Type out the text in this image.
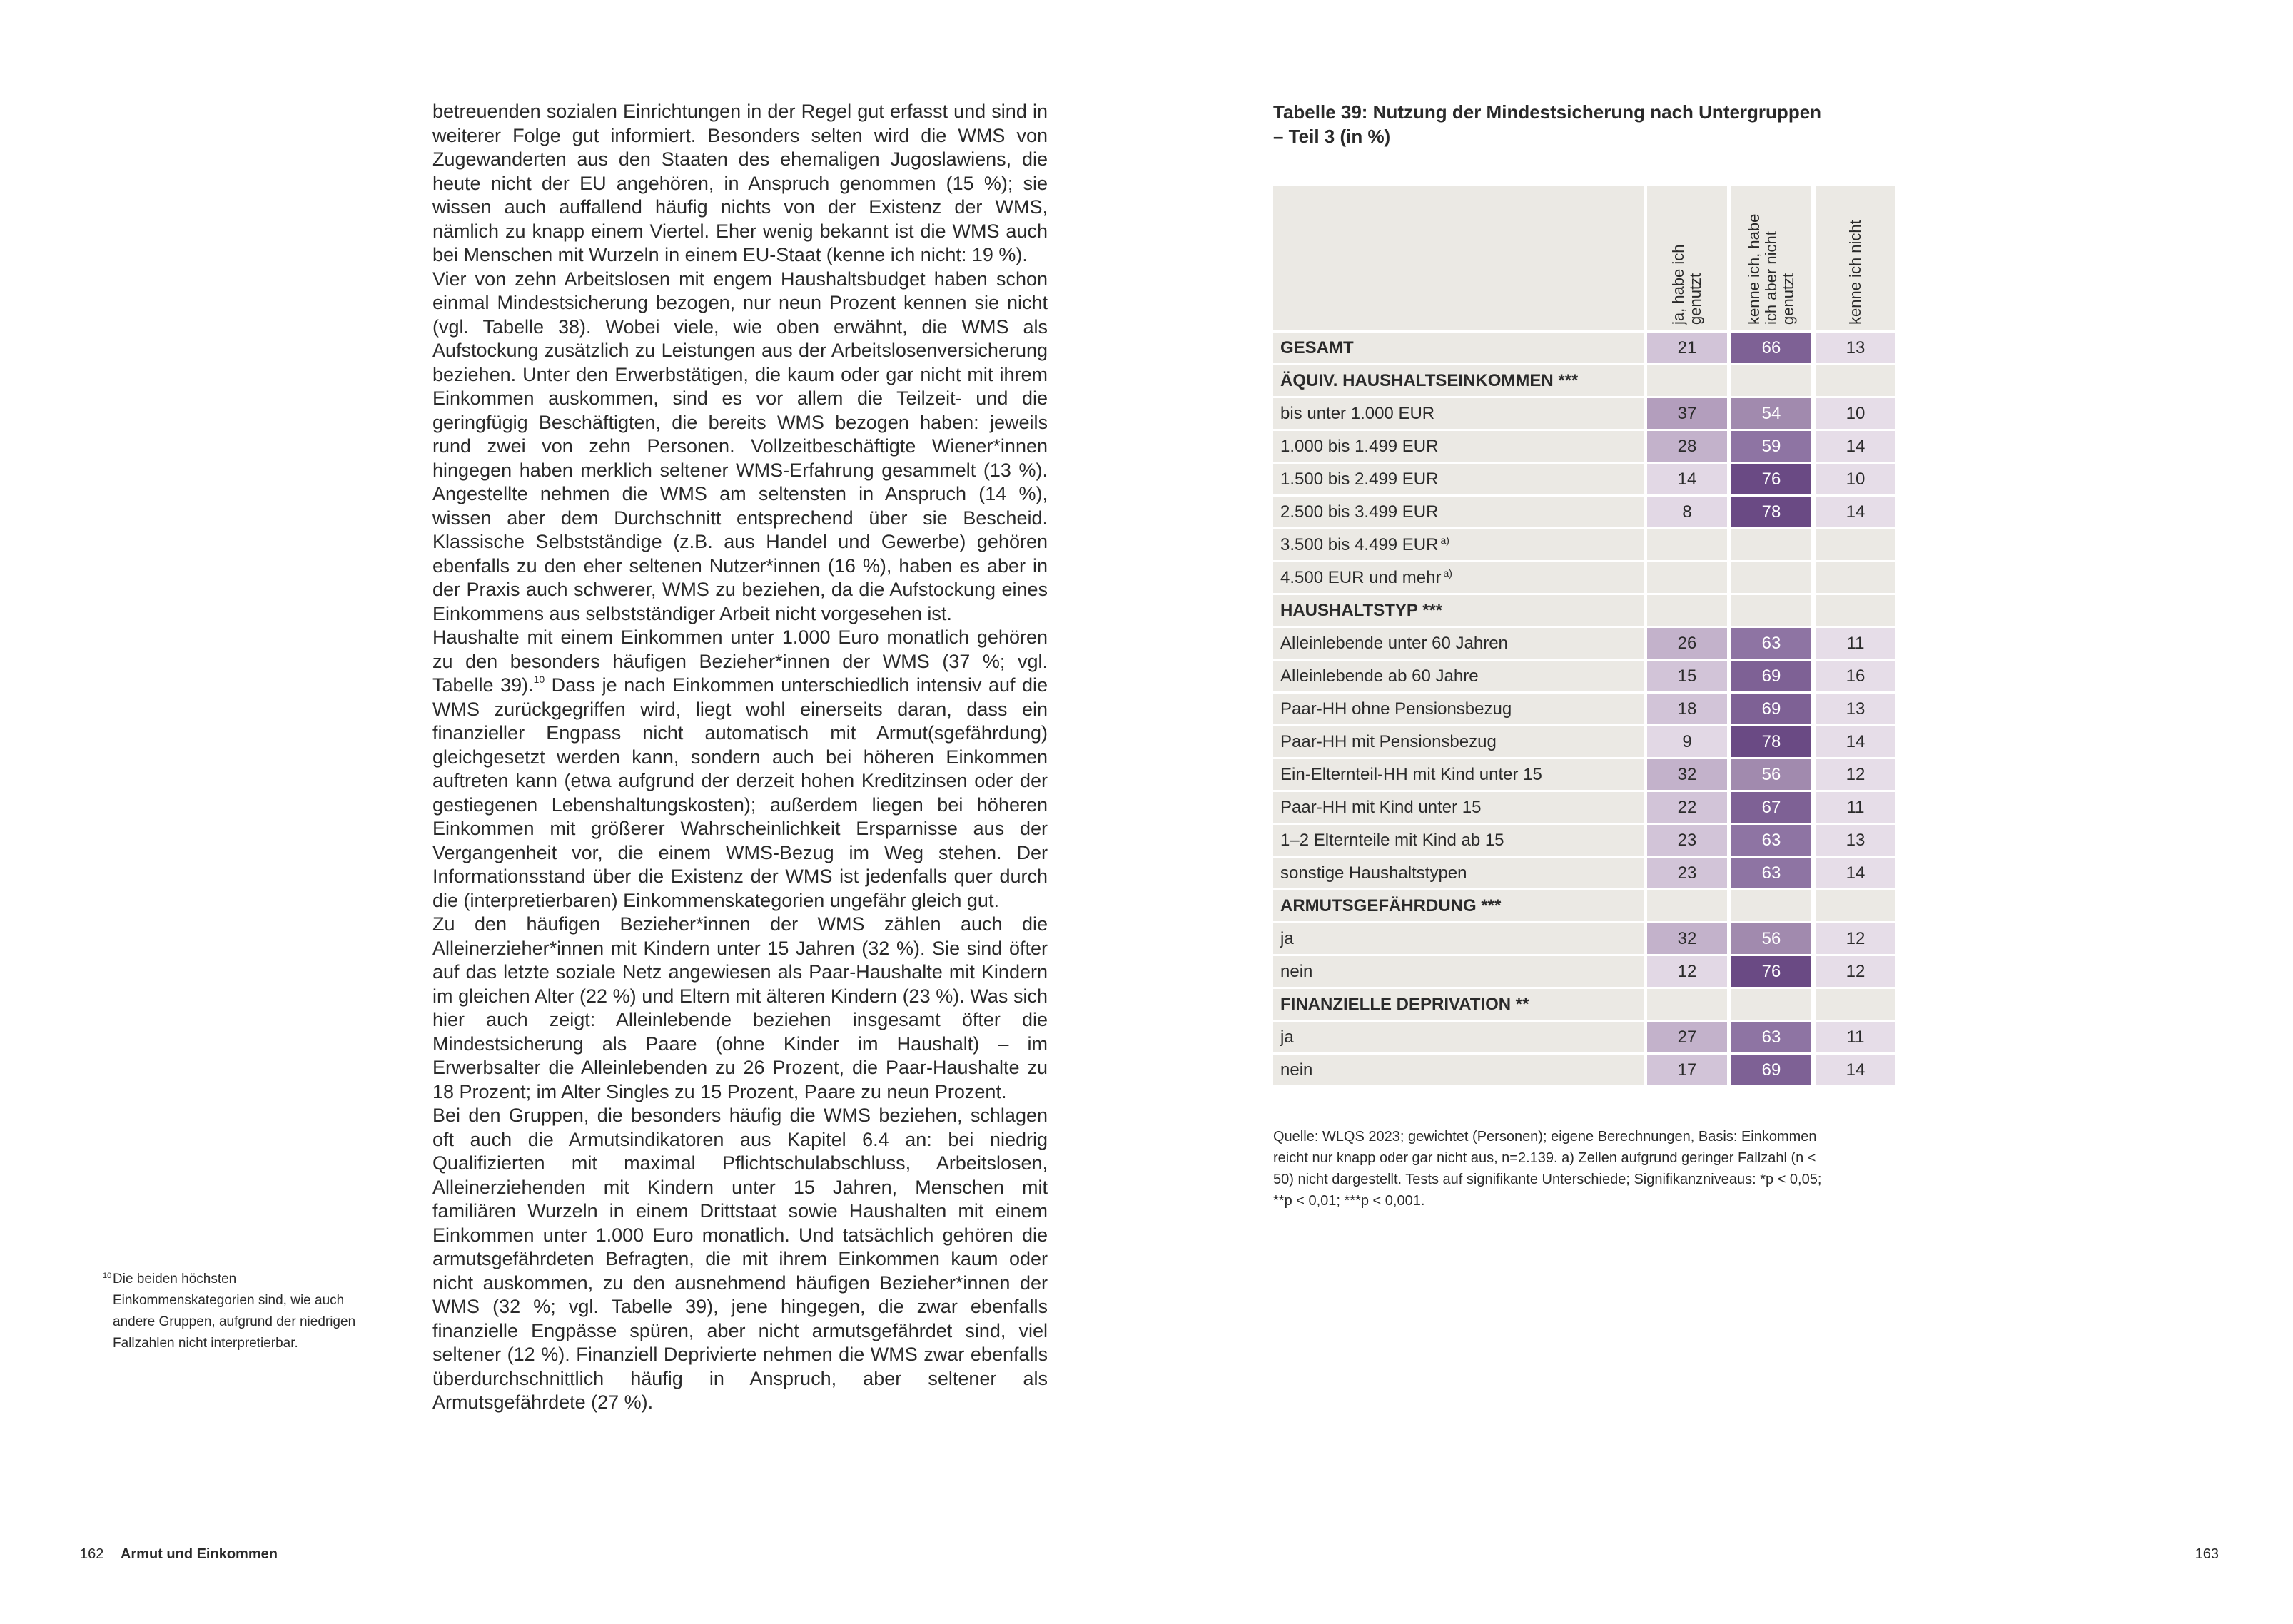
betreuenden sozialen Einrichtungen in der Regel gut erfasst und sind in weiterer Folge gut informiert. Besonders selten wird die WMS von Zugewanderten aus den Staaten des ehemaligen Jugoslawiens, die heute nicht der EU angehören, in Anspruch genommen (15 %); sie wissen auch auffallend häufig nichts von der Existenz der WMS, nämlich zu knapp einem Viertel. Eher wenig bekannt ist die WMS auch bei Menschen mit Wurzeln in einem EU-Staat (kenne ich nicht: 19 %).

Vier von zehn Arbeitslosen mit engem Haushaltsbudget haben schon einmal Mindestsicherung bezogen, nur neun Prozent kennen sie nicht (vgl. Tabelle 38). Wobei viele, wie oben erwähnt, die WMS als Aufstockung zusätzlich zu Leistungen aus der Arbeitslosenversicherung beziehen. Unter den Erwerbstätigen, die kaum oder gar nicht mit ihrem Einkommen auskommen, sind es vor allem die Teilzeit- und die geringfügig Beschäftigten, die bereits WMS bezogen haben: jeweils rund zwei von zehn Personen. Vollzeitbeschäftigte Wiener*innen hingegen haben merklich seltener WMS-Erfahrung gesammelt (13 %). Angestellte nehmen die WMS am seltensten in Anspruch (14 %), wissen aber dem Durchschnitt entsprechend über sie Bescheid. Klassische Selbstständige (z.B. aus Handel und Gewerbe) gehören ebenfalls zu den eher seltenen Nutzer*innen (16 %), haben es aber in der Praxis auch schwerer, WMS zu beziehen, da die Aufstockung eines Einkommens aus selbstständiger Arbeit nicht vorgesehen ist.

Haushalte mit einem Einkommen unter 1.000 Euro monatlich gehören zu den besonders häufigen Bezieher*innen der WMS (37 %; vgl. Tabelle 39).$^{10}$ Dass je nach Einkommen unterschiedlich intensiv auf die WMS zurückgegriffen wird, liegt wohl einerseits daran, dass ein finanzieller Engpass nicht automatisch mit Armut(sgefährdung) gleichgesetzt werden kann, sondern auch bei höheren Einkommen auftreten kann (etwa aufgrund der derzeit hohen Kreditzinsen oder der gestiegenen Lebenshaltungskosten); außerdem liegen bei höheren Einkommen mit größerer Wahrscheinlichkeit Ersparnisse aus der Vergangenheit vor, die einem WMS-Bezug im Weg stehen. Der Informationsstand über die Existenz der WMS ist jedenfalls quer durch die (interpretierbaren) Einkommenskategorien ungefähr gleich gut.

Zu den häufigen Bezieher*innen der WMS zählen auch die Alleinerzieher*innen mit Kindern unter 15 Jahren (32 %). Sie sind öfter auf das letzte soziale Netz angewiesen als Paar-Haushalte mit Kindern im gleichen Alter (22 %) und Eltern mit älteren Kindern (23 %). Was sich hier auch zeigt: Alleinlebende beziehen insgesamt öfter die Mindestsicherung als Paare (ohne Kinder im Haushalt) – im Erwerbsalter die Alleinlebenden zu 26 Prozent, die Paar-Haushalte zu 18 Prozent; im Alter Singles zu 15 Prozent, Paare zu neun Prozent.

Bei den Gruppen, die besonders häufig die WMS beziehen, schlagen oft auch die Armutsindikatoren aus Kapitel 6.4 an: bei niedrig Qualifizierten mit maximal Pflichtschulabschluss, Arbeitslosen, Alleinerziehenden mit Kindern unter 15 Jahren, Menschen mit familiären Wurzeln in einem Drittstaat sowie Haushalten mit einem Einkommen unter 1.000 Euro monatlich. Und tatsächlich gehören die armutsgefährdeten Befragten, die mit ihrem Einkommen kaum oder nicht auskommen, zu den ausnehmend häufigen Bezieher*innen der WMS (32 %; vgl. Tabelle 39), jene hingegen, die zwar ebenfalls finanzielle Engpässe spüren, aber nicht armutsgefährdet sind, viel seltener (12 %). Finanziell Deprivierte nehmen die WMS zwar ebenfalls überdurchschnittlich häufig in Anspruch, aber seltener als Armutsgefährdete (27 %).

10 Die beiden höchsten Einkommenskategorien sind, wie auch andere Gruppen, aufgrund der niedrigen Fallzahlen nicht interpretierbar.
162 Armut und Einkommen
Tabelle 39: Nutzung der Mindestsicherung nach Untergruppen – Teil 3 (in %)

	ja, habe ich genutzt	kenne ich, habe ich aber nicht genutzt	kenne ich nicht

GESAMT	21	66	13
ÄQUIV. HAUSHALTSEINKOMMEN ***			
bis unter 1.000 EUR	37	54	10
1.000 bis 1.499 EUR	28	59	14
1.500 bis 2.499 EUR	14	76	10
2.500 bis 3.499 EUR	8	78	14
3.500 bis 4.499 EUR $^{a)}$			
4.500 EUR und mehr $^{a)}$			
HAUSHALTSTYP ***			
Alleinlebende unter 60 Jahren	26	63	11
Alleinlebende ab 60 Jahre	15	69	16
Paar-HH ohne Pensionsbezug	18	69	13
Paar-HH mit Pensionsbezug	9	78	14
Ein-Elternteil-HH mit Kind unter 15	32	56	12
Paar-HH mit Kind unter 15	22	67	11
1–2 Elternteile mit Kind ab 15	23	63	13
sonstige Haushaltstypen	23	63	14
ARMUTSGEFÄHRDUNG ***			
ja	32	56	12
nein	12	76	12
FINANZIELLE DEPRIVATION **			
ja	27	63	11
nein	17	69	14
Quelle: WLQS 2023; gewichtet (Personen); eigene Berechnungen, Basis: Einkommen reicht nur knapp oder gar nicht aus, n=2.139. a) Zellen aufgrund geringer Fallzahl (n < 50) nicht dargestellt. Tests auf signifikante Unterschiede; Signifikanzniveaus: *p < 0,05; **p < 0,01; ***p < 0,001.
163
